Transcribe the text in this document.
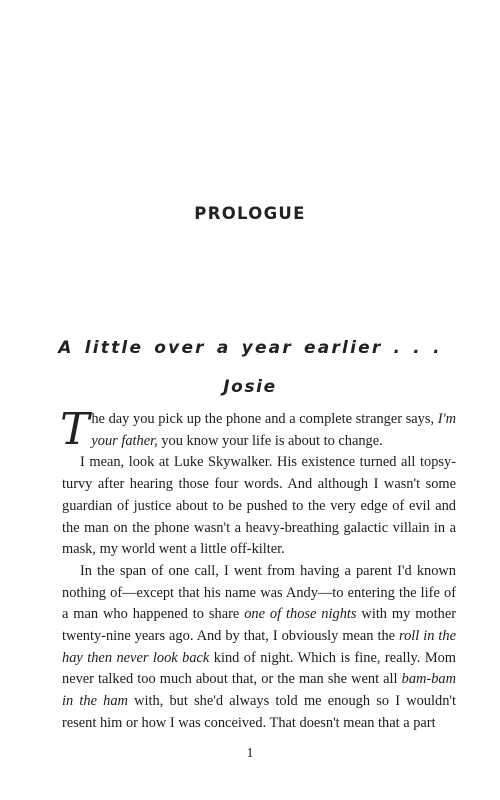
PROLOGUE
A little over a year earlier . . .
Josie

The day you pick up the phone and a complete stranger says, I'm your father, you know your life is about to change.

I mean, look at Luke Skywalker. His existence turned all topsy-turvy after hearing those four words. And although I wasn't some guardian of justice about to be pushed to the very edge of evil and the man on the phone wasn't a heavy-breathing galactic villain in a mask, my world went a little off-kilter.

In the span of one call, I went from having a parent I'd known nothing of—except that his name was Andy—to entering the life of a man who happened to share one of those nights with my mother twenty-nine years ago. And by that, I obviously mean the roll in the hay then never look back kind of night. Which is fine, really. Mom never talked too much about that, or the man she went all bam-bam in the ham with, but she'd always told me enough so I wouldn't resent him or how I was conceived. That doesn't mean that a part

1
